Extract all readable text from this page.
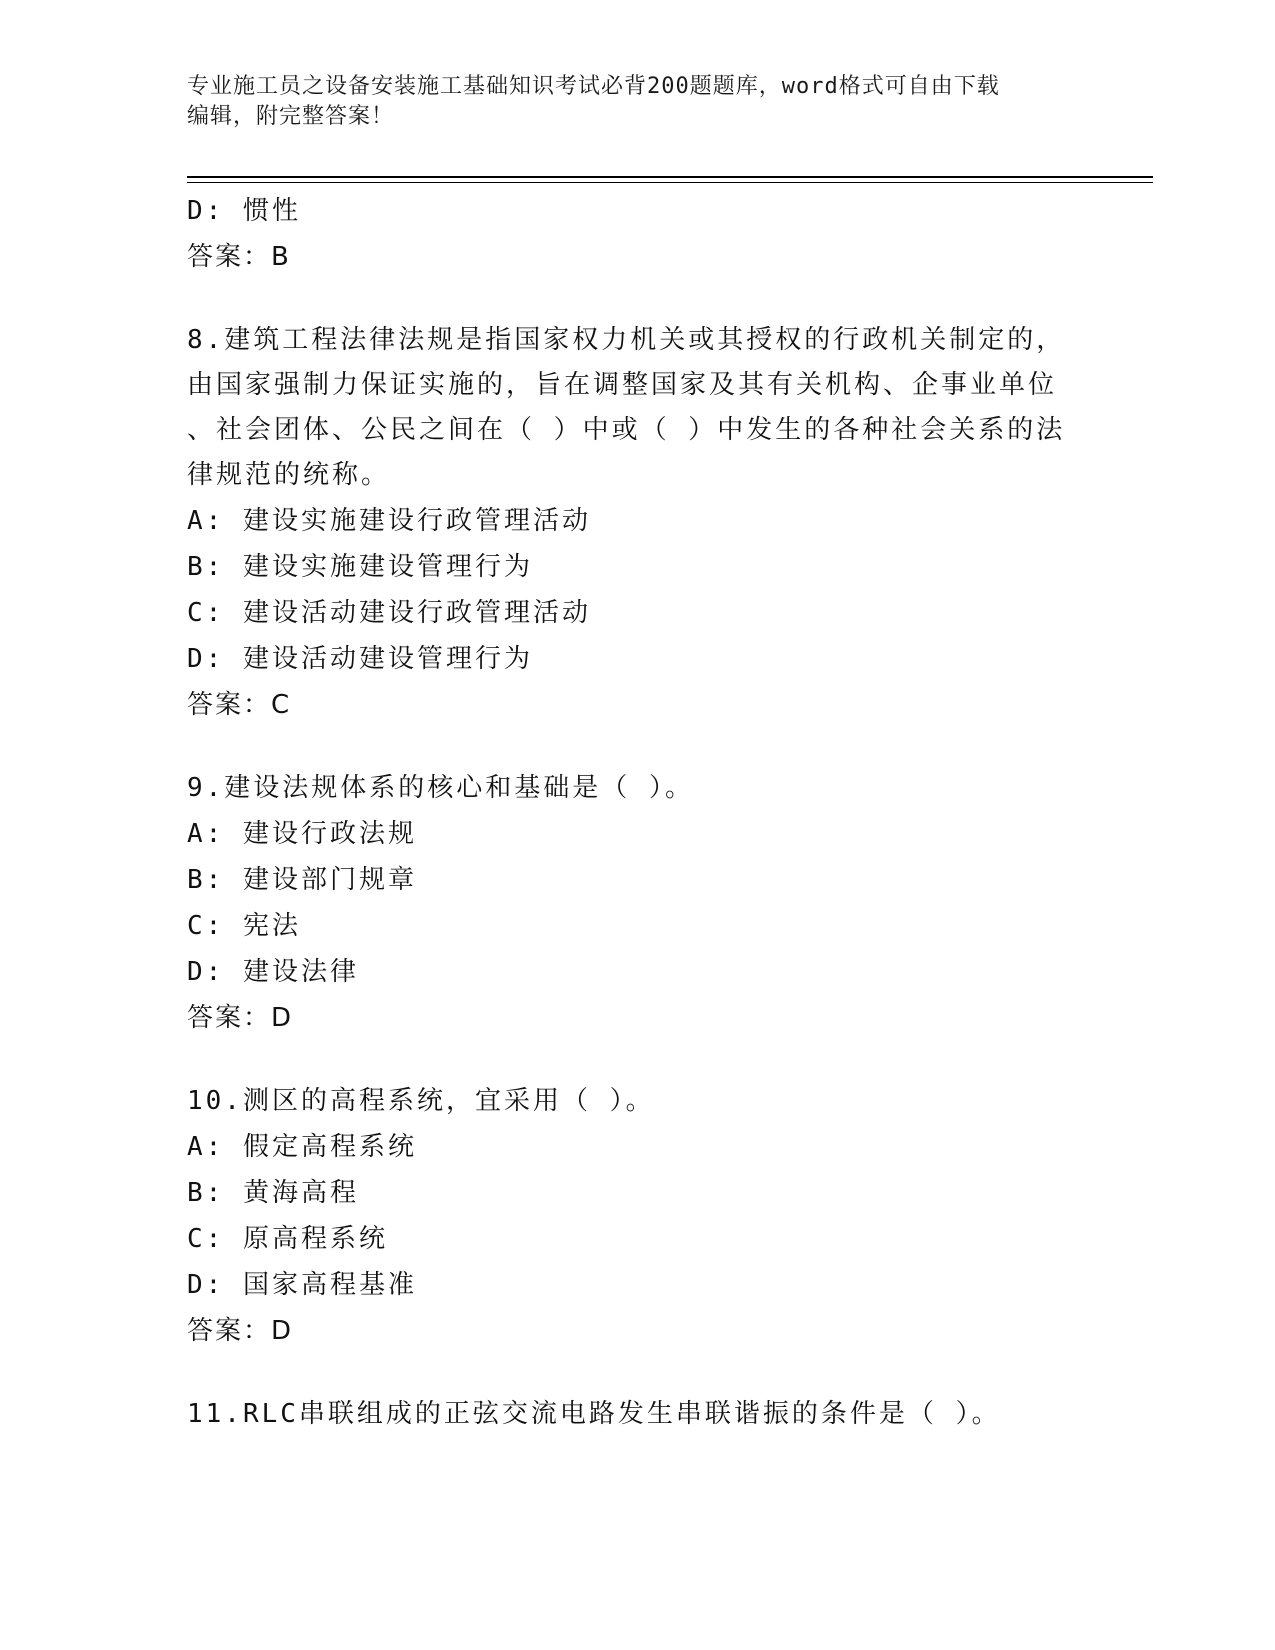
专业施工员之设备安装施工基础知识考试必背200题题库，word格式可自由下载
编辑，附完整答案！
D: 惯性
答案：B
8.建筑工程法律法规是指国家权力机关或其授权的行政机关制定的，
由国家强制力保证实施的，旨在调整国家及其有关机构、企事业单位
、社会团体、公民之间在（ ）中或（ ）中发生的各种社会关系的法
律规范的统称。
A: 建设实施建设行政管理活动
B: 建设实施建设管理行为
C: 建设活动建设行政管理活动
D: 建设活动建设管理行为
答案：C
9.建设法规体系的核心和基础是（ ）。
A: 建设行政法规
B: 建设部门规章
C: 宪法
D: 建设法律
答案：D
10.测区的高程系统，宜采用（ ）。
A: 假定高程系统
B: 黄海高程
C: 原高程系统
D: 国家高程基准
答案：D
11.RLC串联组成的正弦交流电路发生串联谐振的条件是（ ）。
